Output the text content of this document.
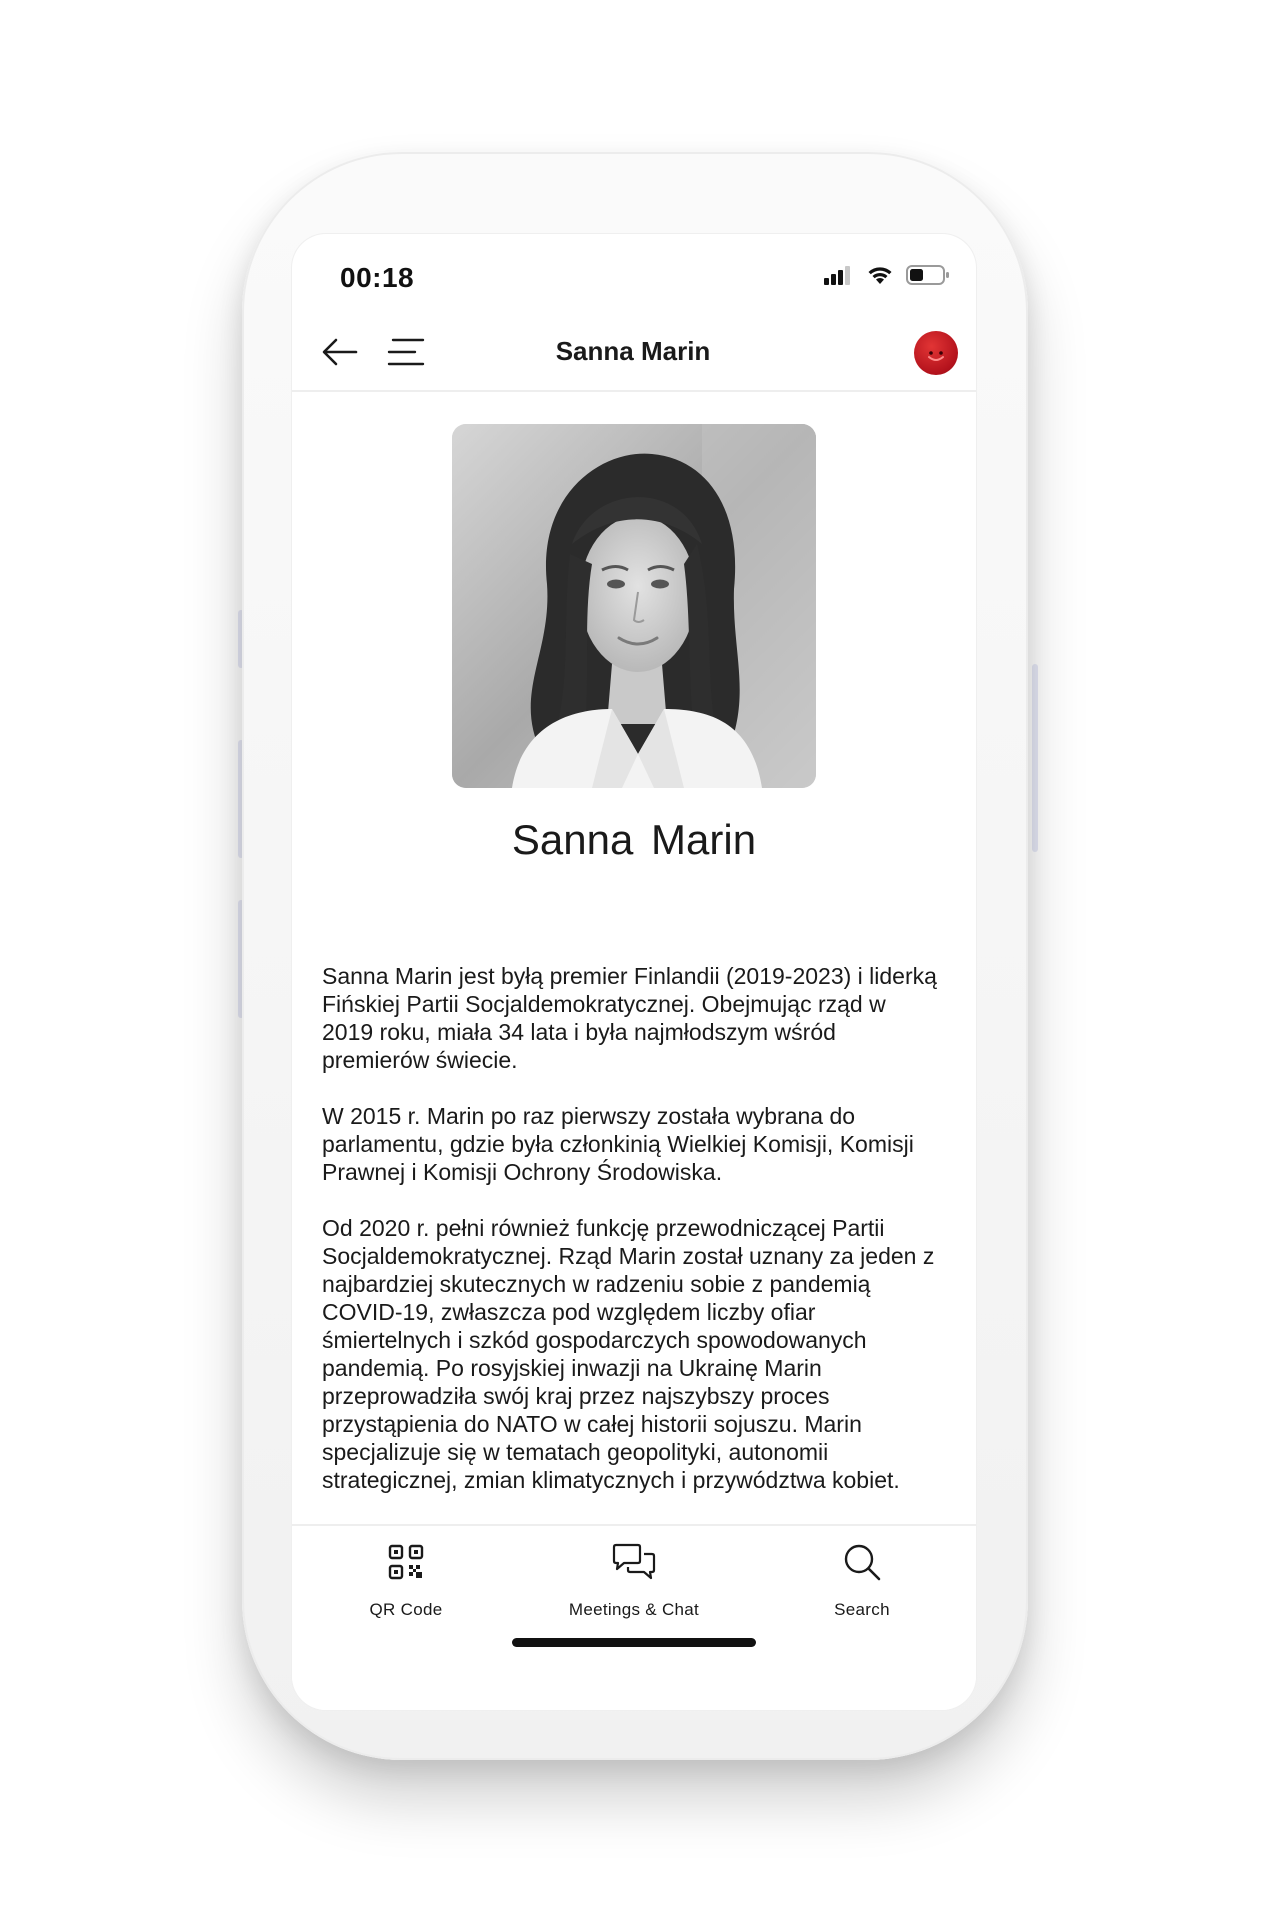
00:18
Sanna Marin
Sanna Marin

Sanna Marin jest byłą premier Finlandii (2019-2023) i liderką Fińskiej Partii Socjaldemokratycznej. Obejmując rząd w 2019 roku, miała 34 lata i była najmłodszym wśród premierów świecie.

W 2015 r. Marin po raz pierwszy została wybrana do parlamentu, gdzie była członkinią Wielkiej Komisji, Komisji Prawnej i Komisji Ochrony Środowiska.

Od 2020 r. pełni również funkcję przewodniczącej Partii Socjaldemokratycznej. Rząd Marin został uznany za jeden z najbardziej skutecznych w radzeniu sobie z pandemią COVID-19, zwłaszcza pod względem liczby ofiar śmiertelnych i szkód gospodarczych spowodowanych pandemią. Po rosyjskiej inwazji na Ukrainę Marin przeprowadziła swój kraj przez najszybszy proces przystąpienia do NATO w całej historii sojuszu. Marin specjalizuje się w tematach geopolityki, autonomii strategicznej, zmian klimatycznych i przywództwa kobiet.

QR Code	Meetings & Chat	Search
